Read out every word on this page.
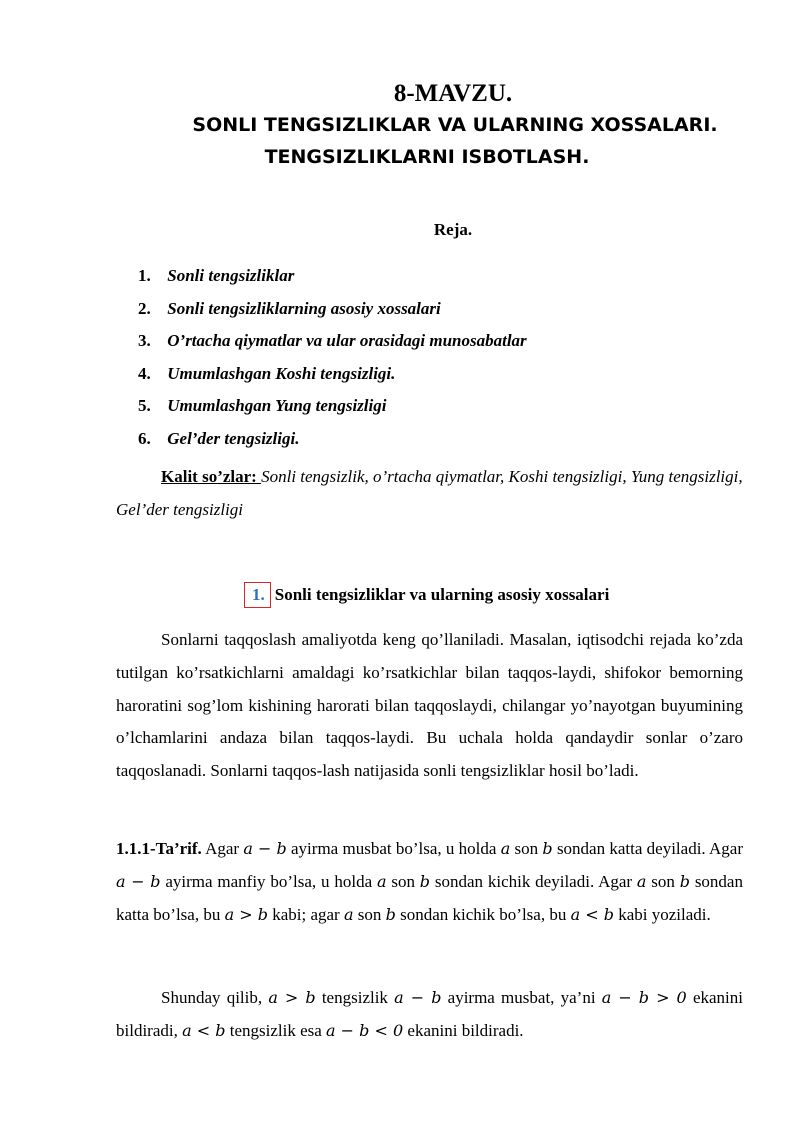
8-MAVZU.
SONLI TENGSIZLIKLAR VA ULARNING XOSSALARI.
TENGSIZLIKLARNI ISBOTLASH.
Reja.
1. Sonli tengsizliklar
2. Sonli tengsizliklarning asosiy xossalari
3. O’rtacha qiymatlar va ular orasidagi munosabatlar
4. Umumlashgan Koshi tengsizligi.
5. Umumlashgan Yung tengsizligi
6. Gel’der tengsizligi.
Kalit so’zlar: Sonli tengsizlik, o’rtacha qiymatlar, Koshi tengsizligi, Yung tengsizligi, Gel’der tengsizligi
1. Sonli tengsizliklar va ularning asosiy xossalari
Sonlarni taqqoslash amaliyotda keng qo’llaniladi. Masalan, iqtisodchi rejada ko’zda tutilgan ko’rsatkichlarni amaldagi ko’rsatkichlar bilan taqqos-laydi, shifokor bemorning haroratini sog’lom kishining harorati bilan taqqoslaydi, chilangar yo’nayotgan buyumining o’lchamlarini andaza bilan taqqos-laydi. Bu uchala holda qandaydir sonlar o’zaro taqqoslanadi. Sonlarni taqqos-lash natijasida sonli tengsizliklar hosil bo’ladi.
1.1.1-Ta’rif. Agar a − b ayirma musbat bo’lsa, u holda a son b sondan katta deyiladi. Agar a − b ayirma manfiy bo’lsa, u holda a son b sondan kichik deyiladi. Agar a son b sondan katta bo’lsa, bu a > b kabi; agar a son b sondan kichik bo’lsa, bu a < b kabi yoziladi.
Shunday qilib, a > b tengsizlik a − b ayirma musbat, ya’ni a − b > 0 ekanini bildiradi, a < b tengsizlik esa a − b < 0 ekanini bildiradi.
